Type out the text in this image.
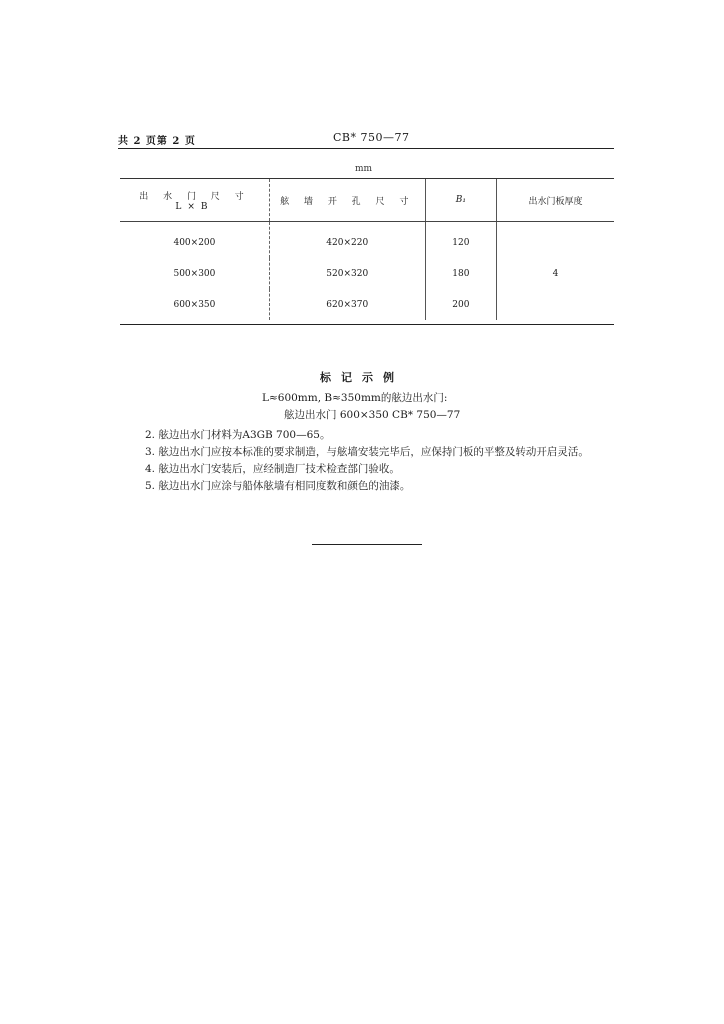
共 2 页第 2 页	CB* 750—77
mm
出 水 门 尺 寸 L×B	舷 墙 开 孔 尺 寸	B₁	出水门板厚度
400×200	420×220	120	4
500×300	520×320	180	
600×350	620×370	200	
标记示例
L≈600mm, B≈350mm的舷边出水门:
舷边出水门 600×350 CB* 750—77
2. 舷边出水门材料为A3GB 700—65。
3. 舷边出水门应按本标准的要求制造，与舷墙安装完毕后，应保持门板的平整及转动开启灵活。
4. 舷边出水门安装后，应经制造厂技术检查部门验收。
5. 舷边出水门应涂与船体舷墙有相同度数和颜色的油漆。
